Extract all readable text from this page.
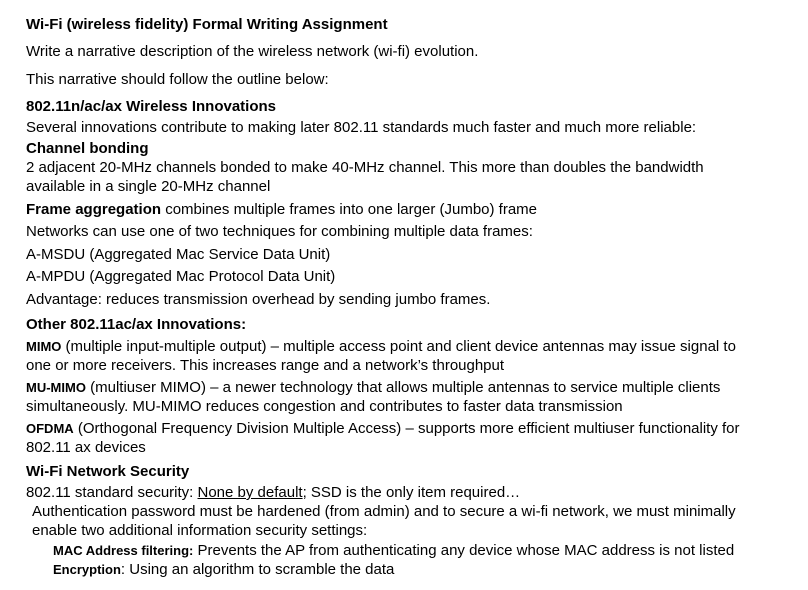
Wi-Fi (wireless fidelity) Formal Writing Assignment
Write a narrative description of the wireless network (wi-fi) evolution.
This narrative should follow the outline below:
802.11n/ac/ax Wireless Innovations
Several innovations contribute to making later 802.11 standards much faster and much more reliable:
Channel bonding
2 adjacent 20-MHz channels bonded to make 40-MHz channel. This more than doubles the bandwidth
available in a single 20-MHz channel
Frame aggregation combines multiple frames into one larger (Jumbo) frame
Networks can use one of two techniques for combining multiple data frames:
A-MSDU (Aggregated Mac Service Data Unit)
A-MPDU (Aggregated Mac Protocol Data Unit)
Advantage: reduces transmission overhead by sending jumbo frames.
Other 802.11ac/ax Innovations:
MIMO (multiple input-multiple output) – multiple access point and client device antennas may issue signal to
one or more receivers. This increases range and a network’s throughput
MU-MIMO (multiuser MIMO) – a newer technology that allows multiple antennas to service multiple clients
simultaneously. MU-MIMO reduces congestion and contributes to faster data transmission
OFDMA (Orthogonal Frequency Division Multiple Access) – supports more efficient multiuser functionality for
802.11 ax devices
Wi-Fi Network Security
802.11 standard security: None by default; SSD is the only item required…
Authentication password must be hardened (from admin) and to secure a wi-fi network, we must minimally
enable two additional information security settings:
MAC Address filtering: Prevents the AP from authenticating any device whose MAC address is not listed
Encryption: Using an algorithm to scramble the data
